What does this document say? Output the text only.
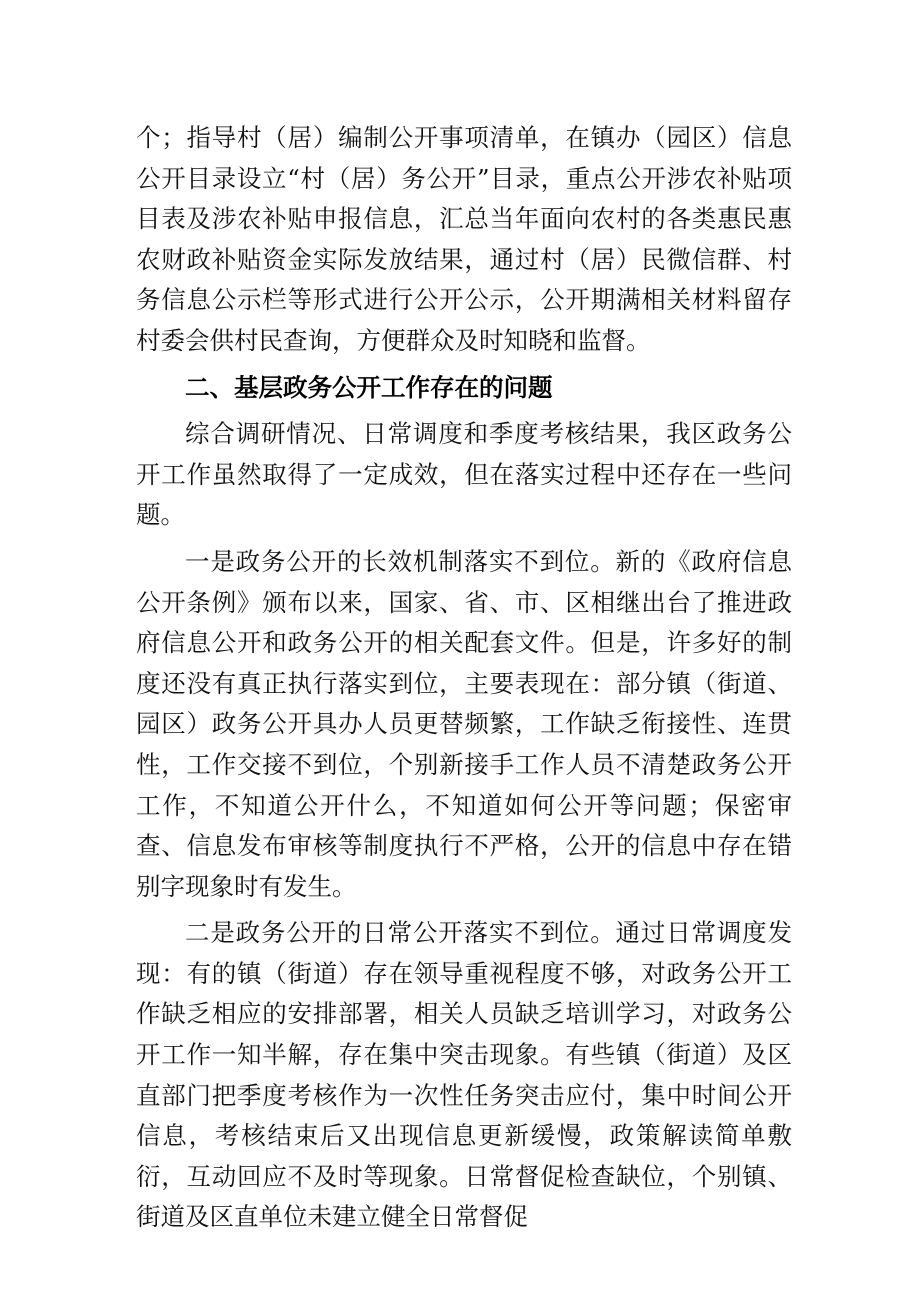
个；指导村（居）编制公开事项清单，在镇办（园区）信息公开目录设立“村（居）务公开”目录，重点公开涉农补贴项目表及涉农补贴申报信息，汇总当年面向农村的各类惠民惠农财政补贴资金实际发放结果，通过村（居）民微信群、村务信息公示栏等形式进行公开公示，公开期满相关材料留存村委会供村民查询，方便群众及时知晓和监督。

二、基层政务公开工作存在的问题

综合调研情况、日常调度和季度考核结果，我区政务公开工作虽然取得了一定成效，但在落实过程中还存在一些问题。

一是政务公开的长效机制落实不到位。新的《政府信息公开条例》颁布以来，国家、省、市、区相继出台了推进政府信息公开和政务公开的相关配套文件。但是，许多好的制度还没有真正执行落实到位，主要表现在：部分镇（街道、园区）政务公开具办人员更替频繁，工作缺乏衔接性、连贯性，工作交接不到位，个别新接手工作人员不清楚政务公开工作，不知道公开什么，不知道如何公开等问题；保密审查、信息发布审核等制度执行不严格，公开的信息中存在错别字现象时有发生。

二是政务公开的日常公开落实不到位。通过日常调度发现：有的镇（街道）存在领导重视程度不够，对政务公开工作缺乏相应的安排部署，相关人员缺乏培训学习，对政务公开工作一知半解，存在集中突击现象。有些镇（街道）及区直部门把季度考核作为一次性任务突击应付，集中时间公开信息，考核结束后又出现信息更新缓慢，政策解读简单敷衍，互动回应不及时等现象。日常督促检查缺位，个别镇、街道及区直单位未建立健全日常督促
